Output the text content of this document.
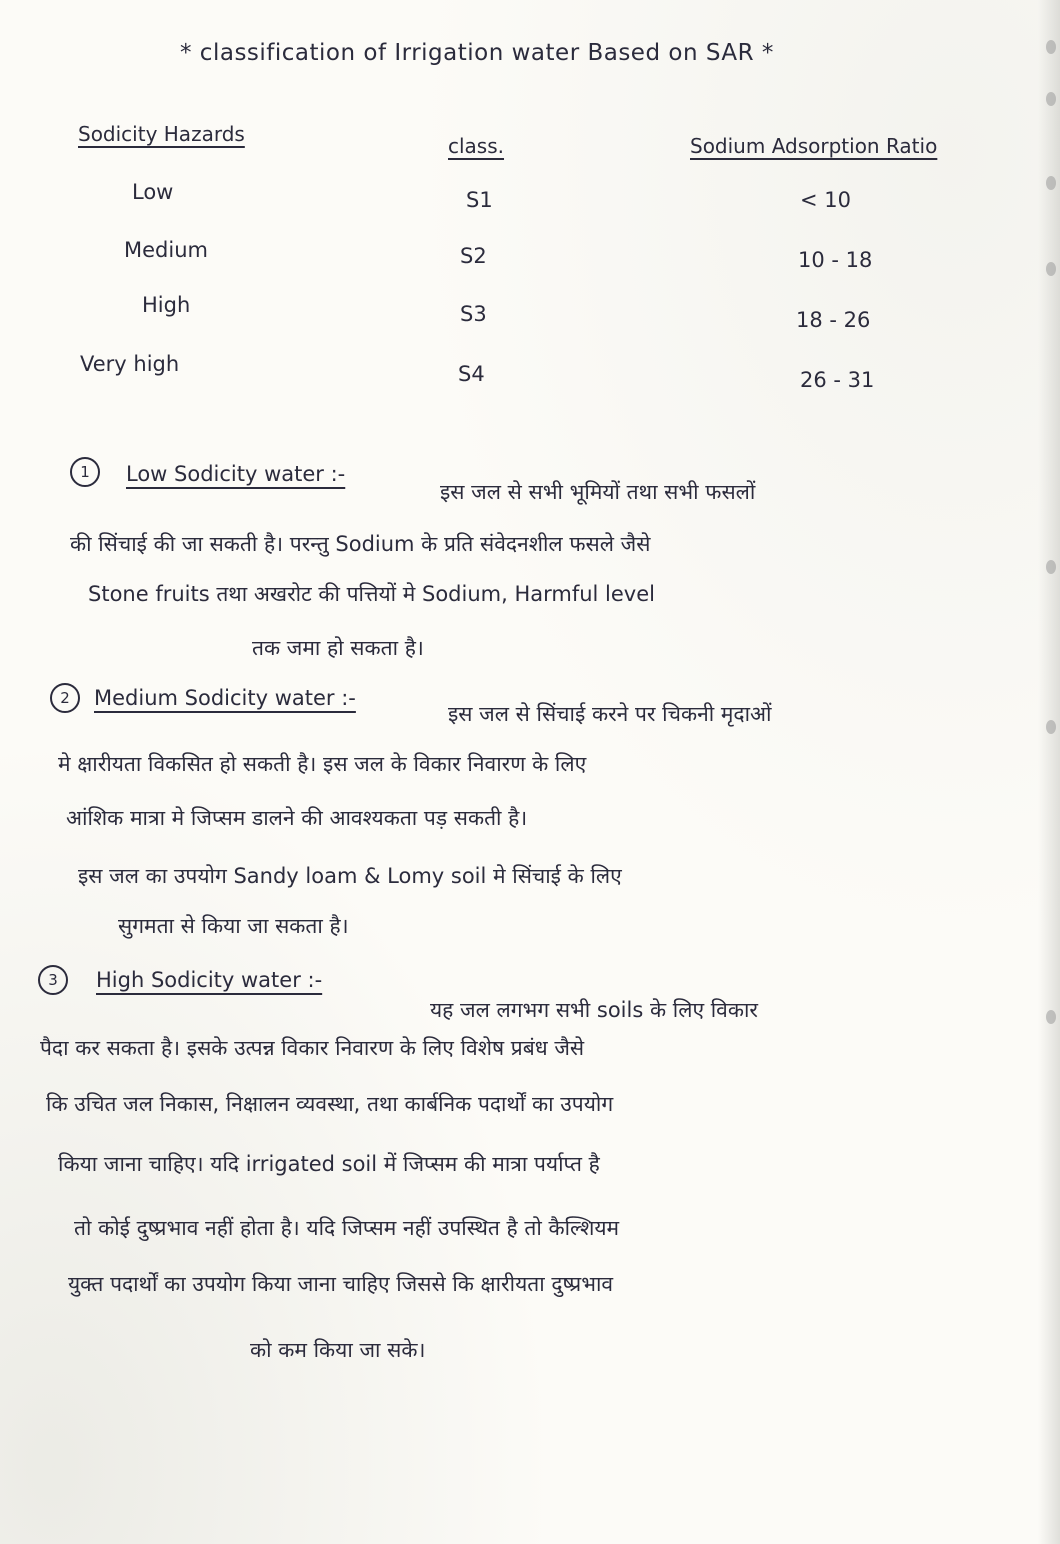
* classification of Irrigation water Based on SAR *
Sodicity Hazards	class.	Sodium Adsorption Ratio
Low	S1	< 10
Medium	S2	10 - 18
High	S3	18 - 26
Very high	S4	26 - 31
1	Low Sodicity water :-
इस जल से सभी भूमियों तथा सभी फसलों
की सिंचाई की जा सकती है। परन्तु Sodium के प्रति संवेदनशील फसले जैसे
Stone fruits तथा अखरोट की पत्तियों मे Sodium, Harmful level
तक जमा हो सकता है।
2	Medium Sodicity water :-
इस जल से सिंचाई करने पर चिकनी मृदाओं
मे क्षारीयता विकसित हो सकती है। इस जल के विकार निवारण के लिए
आंशिक मात्रा मे जिप्सम डालने की आवश्यकता पड़ सकती है।
इस जल का उपयोग Sandy loam & Lomy soil मे सिंचाई के लिए
सुगमता से किया जा सकता है।
3	High Sodicity water :-
यह जल लगभग सभी soils के लिए विकार
पैदा कर सकता है। इसके उत्पन्न विकार निवारण के लिए विशेष प्रबंध जैसे
कि उचित जल निकास, निक्षालन व्यवस्था, तथा कार्बनिक पदार्थों का उपयोग
किया जाना चाहिए। यदि irrigated soil में जिप्सम की मात्रा पर्याप्त है
तो कोई दुष्प्रभाव नहीं होता है। यदि जिप्सम नहीं उपस्थित है तो कैल्शियम
युक्त पदार्थों का उपयोग किया जाना चाहिए जिससे कि क्षारीयता दुष्प्रभाव
को कम किया जा सके।
